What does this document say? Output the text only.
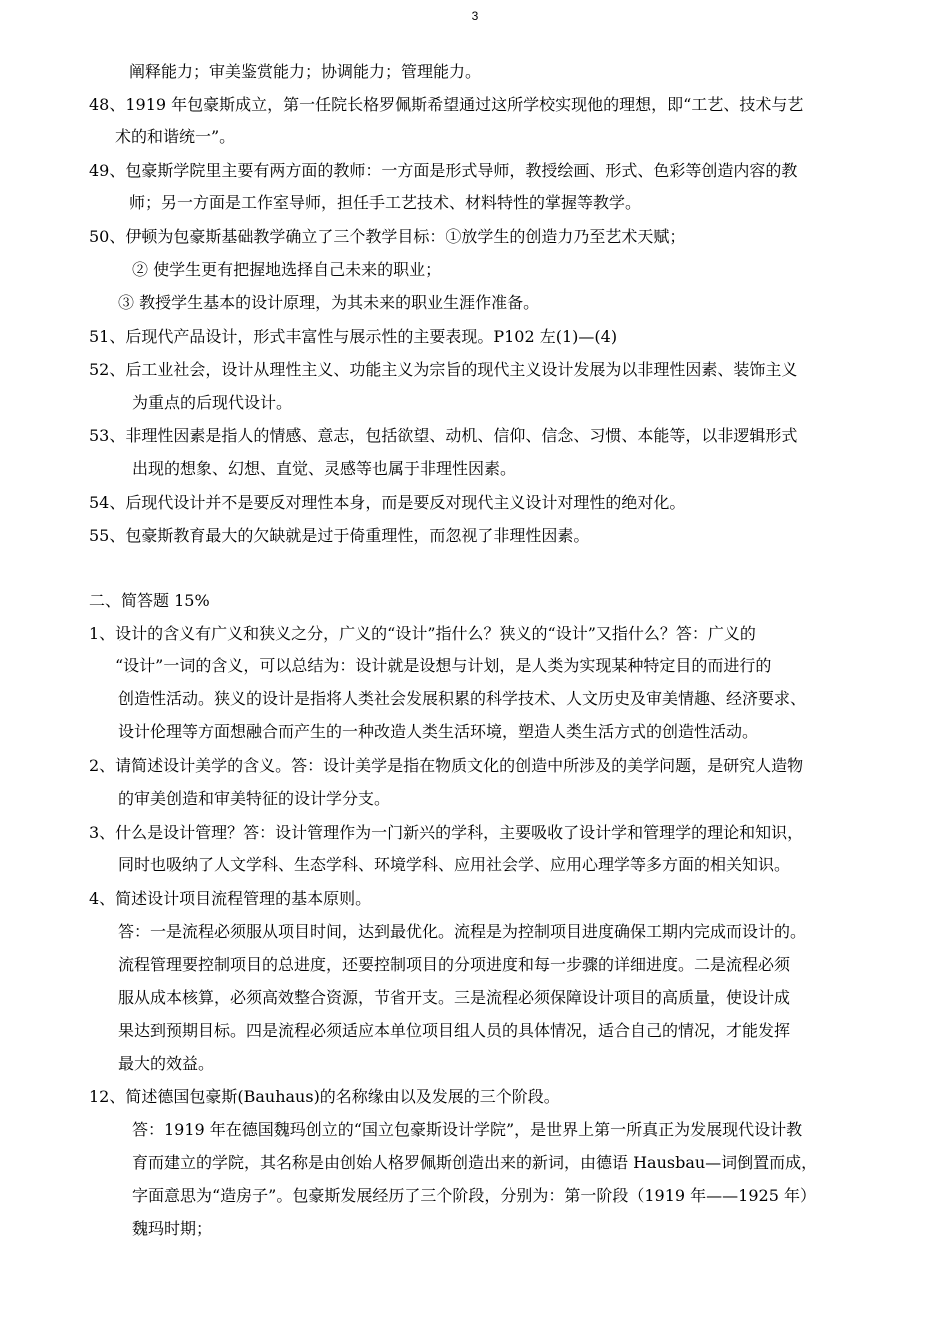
3
阐释能力；审美鉴赏能力；协调能力；管理能力。
48、1919 年包豪斯成立，第一任院长格罗佩斯希望通过这所学校实现他的理想，即“工艺、技术与艺
术的和谐统一”。
49、包豪斯学院里主要有两方面的教师：一方面是形式导师，教授绘画、形式、色彩等创造内容的教
师；另一方面是工作室导师，担任手工艺技术、材料特性的掌握等教学。
50、伊顿为包豪斯基础教学确立了三个教学目标：①放学生的创造力乃至艺术天赋；
② 使学生更有把握地选择自己未来的职业；
③ 教授学生基本的设计原理，为其未来的职业生涯作准备。
51、后现代产品设计，形式丰富性与展示性的主要表现。P102 左(1)—(4)
52、后工业社会，设计从理性主义、功能主义为宗旨的现代主义设计发展为以非理性因素、装饰主义
为重点的后现代设计。
53、非理性因素是指人的情感、意志，包括欲望、动机、信仰、信念、习惯、本能等，以非逻辑形式
出现的想象、幻想、直觉、灵感等也属于非理性因素。
54、后现代设计并不是要反对理性本身，而是要反对现代主义设计对理性的绝对化。
55、包豪斯教育最大的欠缺就是过于倚重理性，而忽视了非理性因素。
二、简答题 15%
1、设计的含义有广义和狭义之分，广义的“设计”指什么？狭义的“设计”又指什么？答：广义的
“设计”一词的含义，可以总结为：设计就是设想与计划，是人类为实现某种特定目的而进行的
创造性活动。狭义的设计是指将人类社会发展积累的科学技术、人文历史及审美情趣、经济要求、
设计伦理等方面想融合而产生的一种改造人类生活环境，塑造人类生活方式的创造性活动。
2、请简述设计美学的含义。答：设计美学是指在物质文化的创造中所涉及的美学问题，是研究人造物
的审美创造和审美特征的设计学分支。
3、什么是设计管理？答：设计管理作为一门新兴的学科，主要吸收了设计学和管理学的理论和知识，
同时也吸纳了人文学科、生态学科、环境学科、应用社会学、应用心理学等多方面的相关知识。
4、简述设计项目流程管理的基本原则。
答：一是流程必须服从项目时间，达到最优化。流程是为控制项目进度确保工期内完成而设计的。
流程管理要控制项目的总进度，还要控制项目的分项进度和每一步骤的详细进度。二是流程必须
服从成本核算，必须高效整合资源，节省开支。三是流程必须保障设计项目的高质量，使设计成
果达到预期目标。四是流程必须适应本单位项目组人员的具体情况，适合自己的情况，才能发挥
最大的效益。
12、简述德国包豪斯(Bauhaus)的名称缘由以及发展的三个阶段。
答：1919 年在德国魏玛创立的“国立包豪斯设计学院”，是世界上第一所真正为发展现代设计教
育而建立的学院，其名称是由创始人格罗佩斯创造出来的新词，由德语 Hausbau—词倒置而成，
字面意思为“造房子”。包豪斯发展经历了三个阶段，分别为：第一阶段（1919 年——1925 年）
魏玛时期；
